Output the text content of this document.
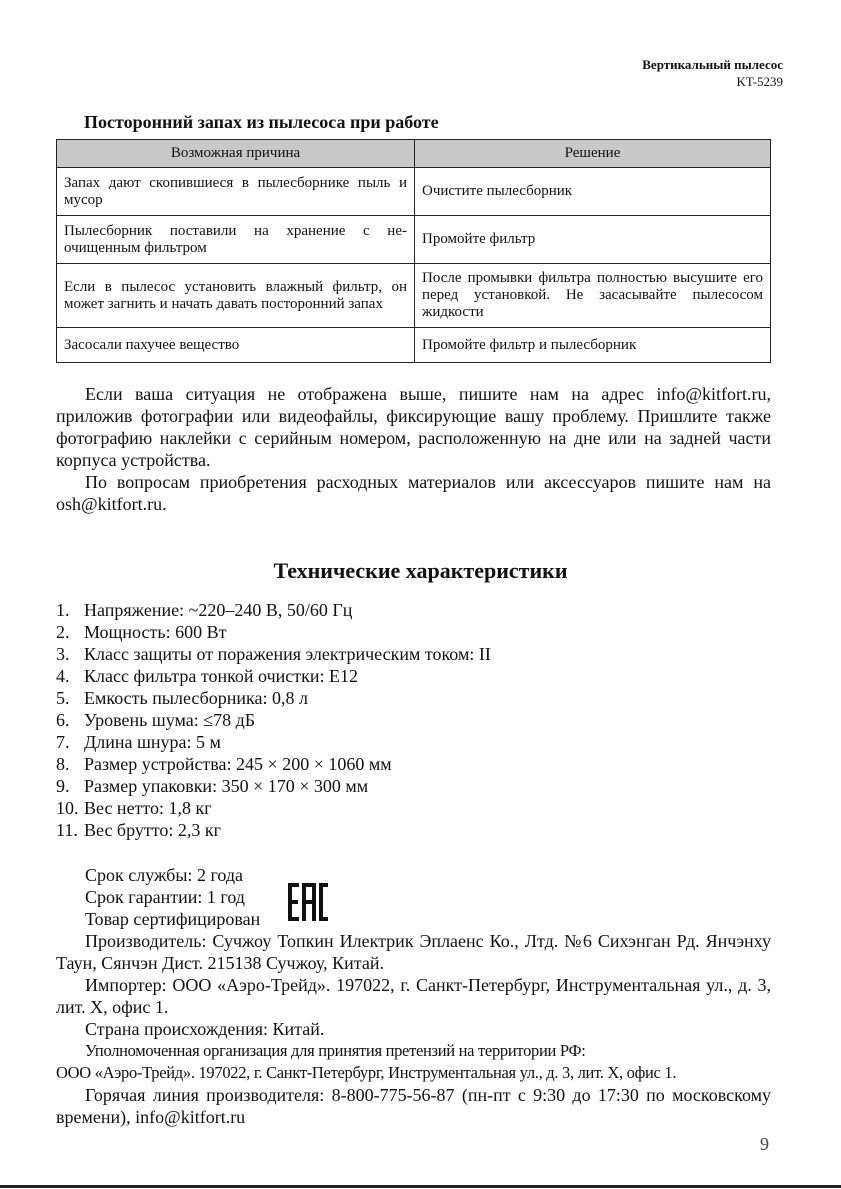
Вертикальный пылесос
KT-5239
Посторонний запах из пылесоса при работе
Возможная причина	Решение
Запах дают скопившиеся в пылесборнике пыль и мусор	Очистите пылесборник
Пылесборник поставили на хранение с неочищенным фильтром	Промойте фильтр
Если в пылесос установить влажный фильтр, он может загнить и начать давать посторонний запах	После промывки фильтра полностью высушите его перед установкой. Не засасывайте пылесосом жидкости
Засосали пахучее вещество	Промойте фильтр и пылесборник

Если ваша ситуация не отображена выше, пишите нам на адрес info@kitfort.ru, приложив фотографии или видеофайлы, фиксирующие вашу проблему. Пришлите также фотографию наклейки с серийным номером, расположенную на дне или на задней части корпуса устройства.

По вопросам приобретения расходных материалов или аксессуаров пишите нам на osh@kitfort.ru.

Технические характеристики
1. Напряжение: ~220–240 В, 50/60 Гц
2. Мощность: 600 Вт
3. Класс защиты от поражения электрическим током: II
4. Класс фильтра тонкой очистки: Е12
5. Емкость пылесборника: 0,8 л
6. Уровень шума: ≤78 дБ
7. Длина шнура: 5 м
8. Размер устройства: 245 × 200 × 1060 мм
9. Размер упаковки: 350 × 170 × 300 мм
10. Вес нетто: 1,8 кг
11. Вес брутто: 2,3 кг

Срок службы: 2 года

Срок гарантии: 1 год

Товар сертифицирован

Производитель: Сучжоу Топкин Илектрик Эплаенс Ко., Лтд. №6 Сихэнган Рд. Янчэнху Таун, Сянчэн Дист. 215138 Сучжоу, Китай.

Импортер: ООО «Аэро-Трейд». 197022, г. Санкт-Петербург, Инструментальная ул., д. 3, лит. Х, офис 1.

Страна происхождения: Китай.

Уполномоченная организация для принятия претензий на территории РФ:

ООО «Аэро-Трейд». 197022, г. Санкт-Петербург, Инструментальная ул., д. 3, лит. Х, офис 1.

Горячая линия производителя: 8-800-775-56-87 (пн-пт с 9:30 до 17:30 по московскому времени), info@kitfort.ru

9
